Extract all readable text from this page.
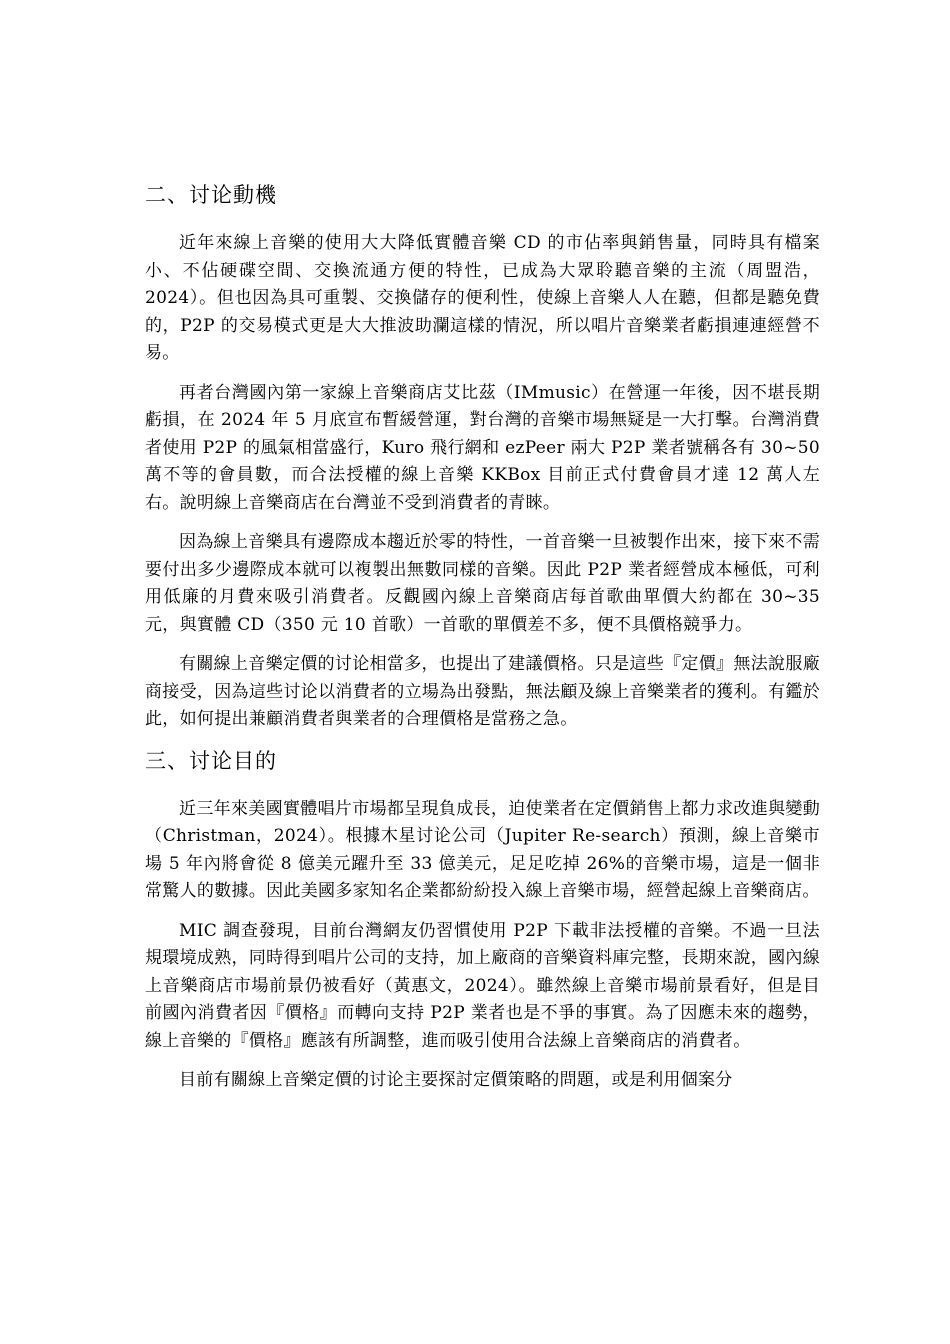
二、讨论動機

近年來線上音樂的使用大大降低實體音樂 CD 的市佔率與銷售量，同時具有檔案小、不佔硬碟空間、交換流通方便的特性，已成為大眾聆聽音樂的主流（周盟浩，2024）。但也因為具可重製、交換儲存的便利性，使線上音樂人人在聽，但都是聽免費的，P2P 的交易模式更是大大推波助瀾這樣的情況，所以唱片音樂業者虧損連連經營不易。

再者台灣國內第一家線上音樂商店艾比茲（IMmusic）在營運一年後，因不堪長期虧損，在 2024 年 5 月底宣布暫緩營運，對台灣的音樂市場無疑是一大打擊。台灣消費者使用 P2P 的風氣相當盛行，Kuro 飛行網和 ezPeer 兩大 P2P 業者號稱各有 30~50 萬不等的會員數，而合法授權的線上音樂 KKBox 目前正式付費會員才達 12 萬人左右。說明線上音樂商店在台灣並不受到消費者的青睞。

因為線上音樂具有邊際成本趨近於零的特性，一首音樂一旦被製作出來，接下來不需要付出多少邊際成本就可以複製出無數同樣的音樂。因此 P2P 業者經營成本極低，可利用低廉的月費來吸引消費者。反觀國內線上音樂商店每首歌曲單價大約都在 30~35 元，與實體 CD（350 元 10 首歌）一首歌的單價差不多，便不具價格競爭力。

有關線上音樂定價的讨论相當多，也提出了建議價格。只是這些『定價』無法說服廠商接受，因為這些讨论以消費者的立場為出發點，無法顧及線上音樂業者的獲利。有鑑於此，如何提出兼顧消費者與業者的合理價格是當務之急。

三、讨论目的

近三年來美國實體唱片市場都呈現負成長，迫使業者在定價銷售上都力求改進與變動（Christman，2024）。根據木星讨论公司（Jupiter Re-search）預測，線上音樂市場 5 年內將會從 8 億美元躍升至 33 億美元，足足吃掉 26%的音樂市場，這是一個非常驚人的數據。因此美國多家知名企業都紛紛投入線上音樂市場，經營起線上音樂商店。

MIC 調查發現，目前台灣網友仍習慣使用 P2P 下載非法授權的音樂。不過一旦法規環境成熟，同時得到唱片公司的支持，加上廠商的音樂資料庫完整，長期來說，國內線上音樂商店市場前景仍被看好（黃惠文，2024）。雖然線上音樂市場前景看好，但是目前國內消費者因『價格』而轉向支持 P2P 業者也是不爭的事實。為了因應未來的趨勢，線上音樂的『價格』應該有所調整，進而吸引使用合法線上音樂商店的消費者。

目前有關線上音樂定價的讨论主要探討定價策略的問題，或是利用個案分
